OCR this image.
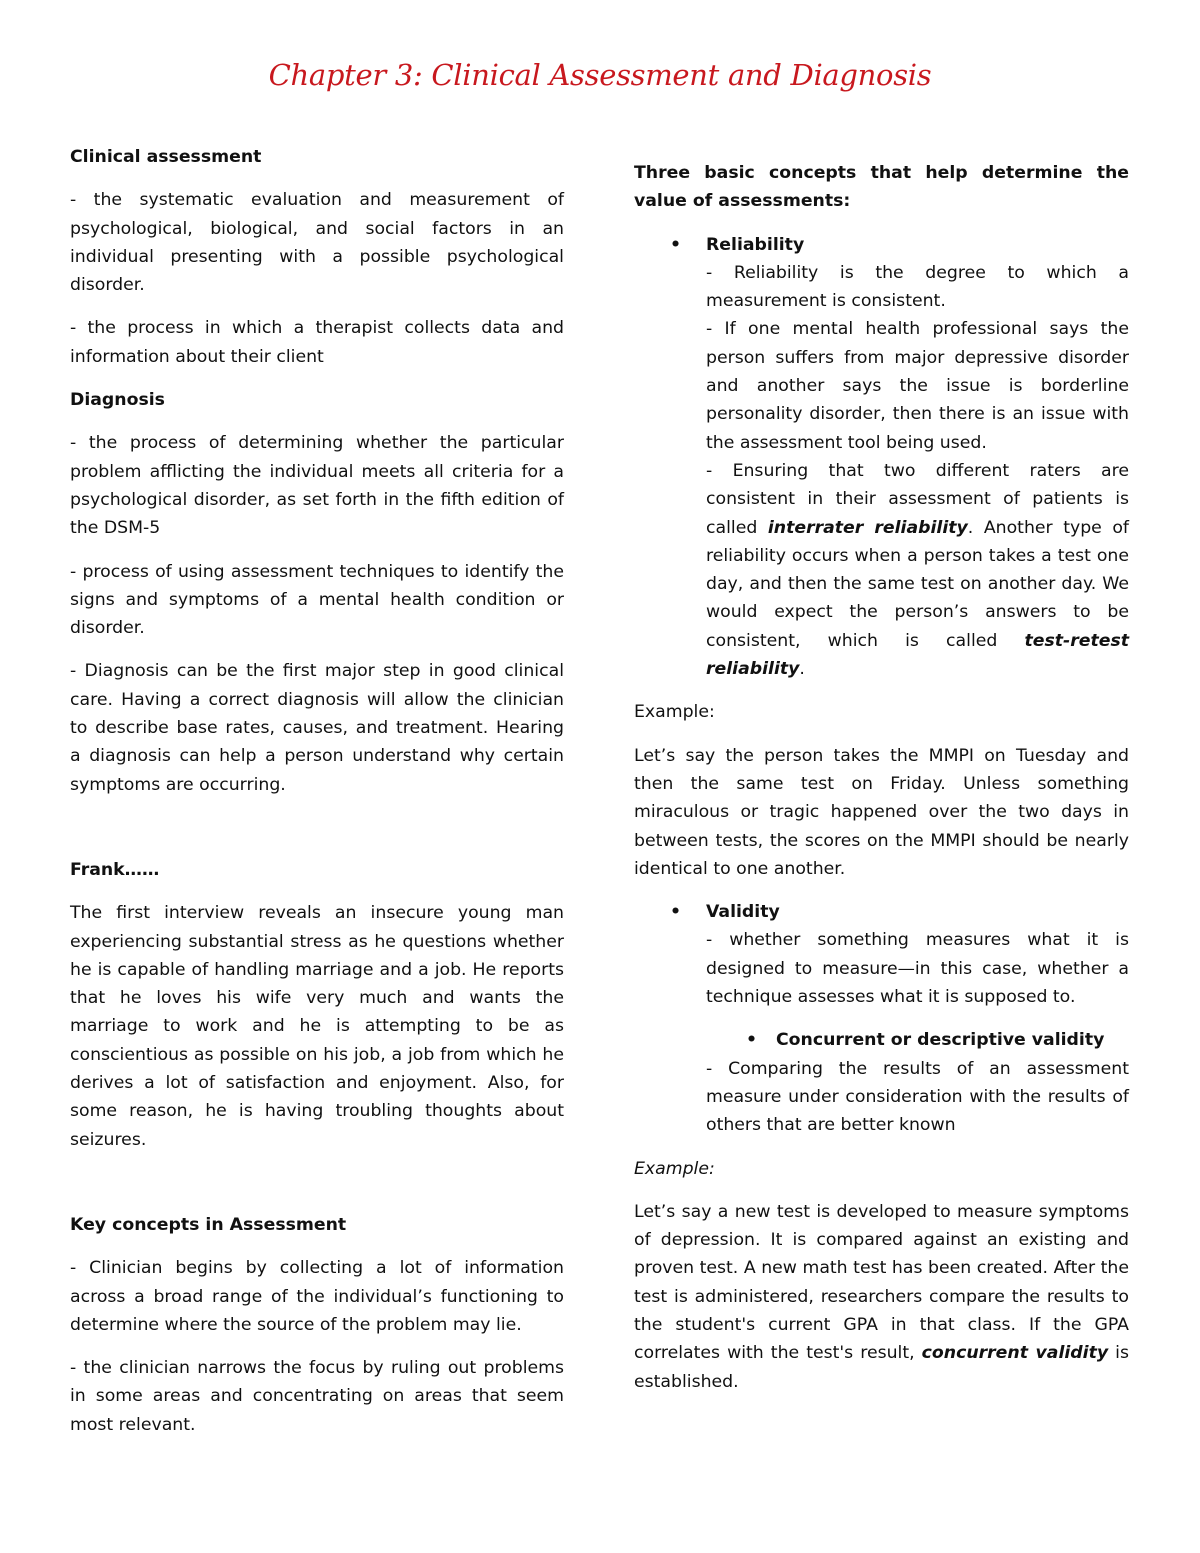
Chapter 3: Clinical Assessment and Diagnosis

Clinical assessment

- the systematic evaluation and measurement of psychological, biological, and social factors in an individual presenting with a possible psychological disorder.

- the process in which a therapist collects data and information about their client

Diagnosis

- the process of determining whether the particular problem afflicting the individual meets all criteria for a psychological disorder, as set forth in the fifth edition of the DSM-5

- process of using assessment techniques to identify the signs and symptoms of a mental health condition or disorder.

- Diagnosis can be the first major step in good clinical care. Having a correct diagnosis will allow the clinician to describe base rates, causes, and treatment. Hearing a diagnosis can help a person understand why certain symptoms are occurring.

Frank……

The first interview reveals an insecure young man experiencing substantial stress as he questions whether he is capable of handling marriage and a job. He reports that he loves his wife very much and wants the marriage to work and he is attempting to be as conscientious as possible on his job, a job from which he derives a lot of satisfaction and enjoyment. Also, for some reason, he is having troubling thoughts about seizures.

Key concepts in Assessment

- Clinician begins by collecting a lot of information across a broad range of the individual’s functioning to determine where the source of the problem may lie.

- the clinician narrows the focus by ruling out problems in some areas and concentrating on areas that seem most relevant.

Three basic concepts that help determine the value of assessments:

• Reliability

- Reliability is the degree to which a measurement is consistent.

- If one mental health professional says the person suffers from major depressive disorder and another says the issue is borderline personality disorder, then there is an issue with the assessment tool being used.

- Ensuring that two different raters are consistent in their assessment of patients is called interrater reliability. Another type of reliability occurs when a person takes a test one day, and then the same test on another day. We would expect the person’s answers to be consistent, which is called test-retest reliability.

Example:

Let’s say the person takes the MMPI on Tuesday and then the same test on Friday. Unless something miraculous or tragic happened over the two days in between tests, the scores on the MMPI should be nearly identical to one another.

• Validity

- whether something measures what it is designed to measure—in this case, whether a technique assesses what it is supposed to.

• Concurrent or descriptive validity

- Comparing the results of an assessment measure under consideration with the results of others that are better known

Example:

Let’s say a new test is developed to measure symptoms of depression. It is compared against an existing and proven test. A new math test has been created. After the test is administered, researchers compare the results to the student's current GPA in that class. If the GPA correlates with the test's result, concurrent validity is established.
